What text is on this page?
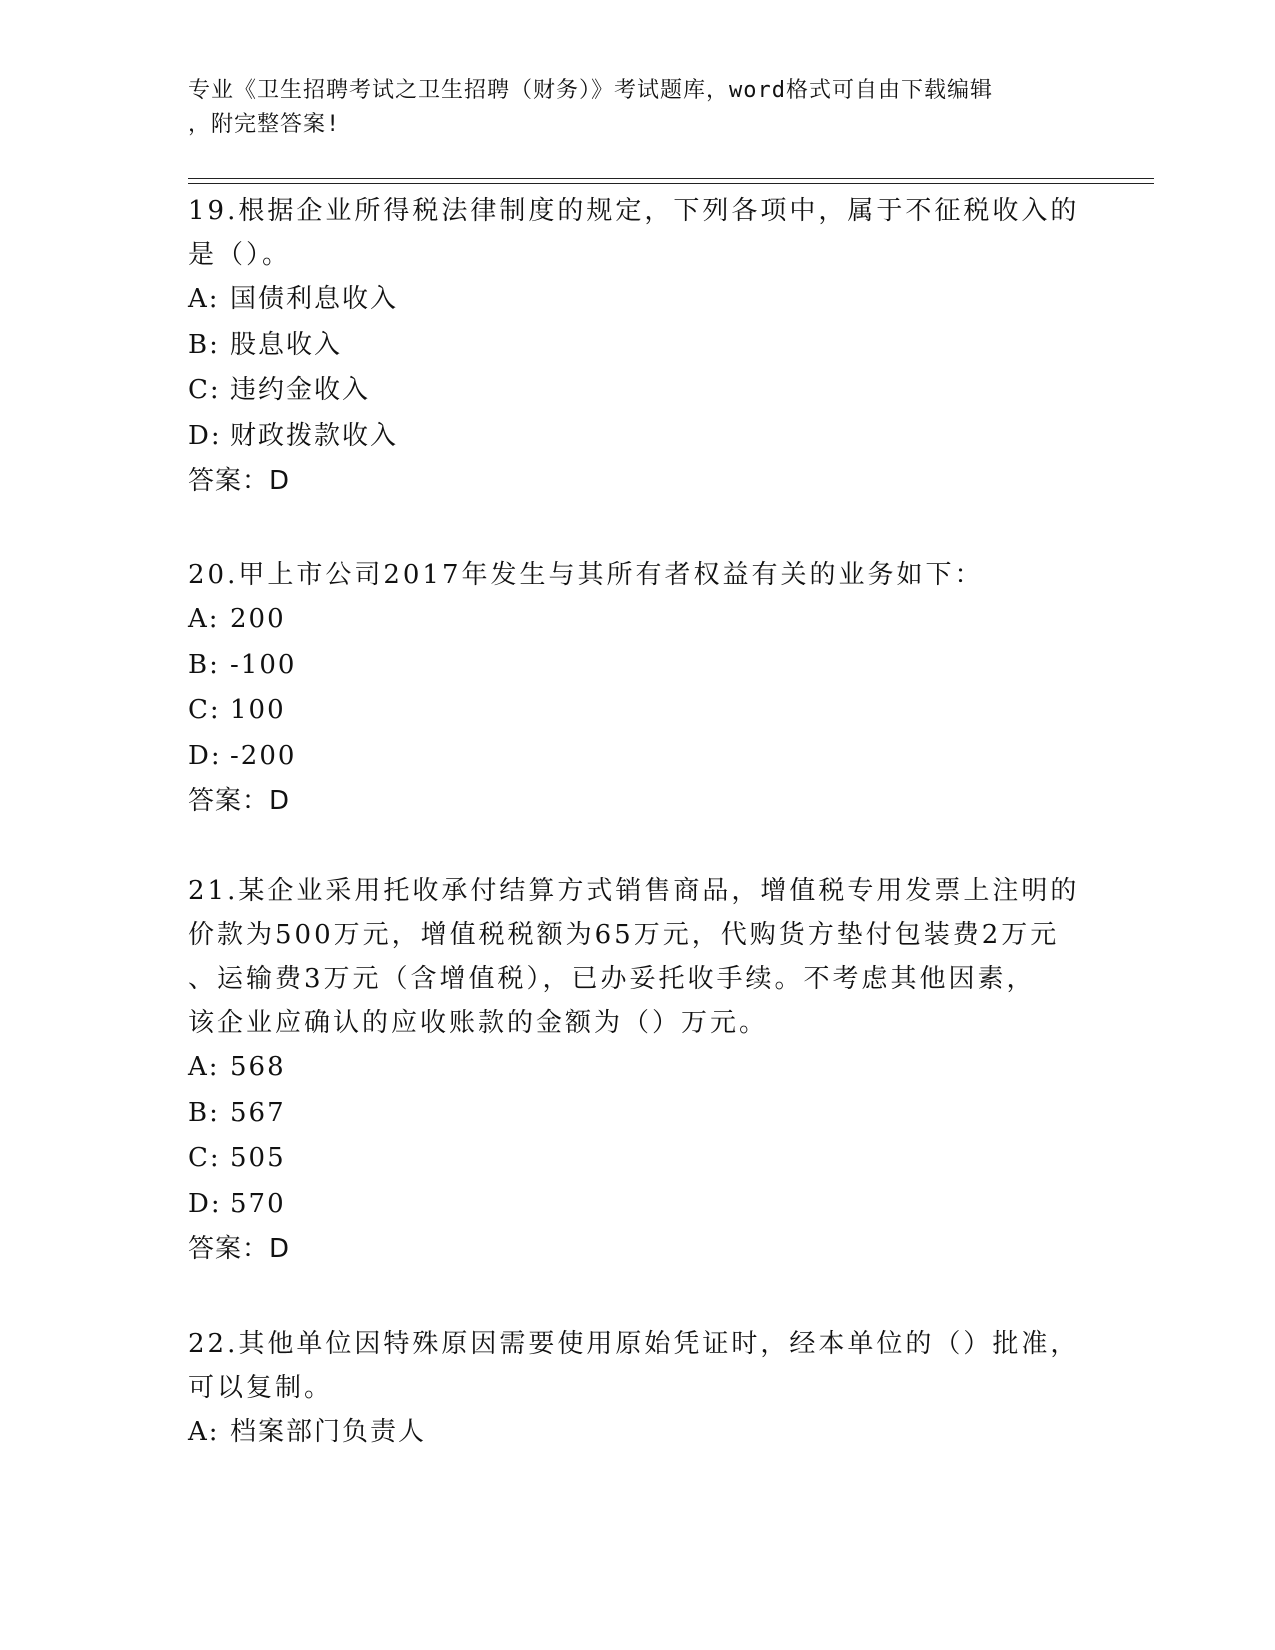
专业《卫生招聘考试之卫生招聘（财务）》考试题库，word格式可自由下载编辑
，附完整答案!

19.根据企业所得税法律制度的规定，下列各项中，属于不征税收入的

是（）。

A: 国债利息收入

B: 股息收入

C: 违约金收入

D: 财政拨款收入

答案：D

20.甲上市公司2017年发生与其所有者权益有关的业务如下：

A: 200

B: -100

C: 100

D: -200

答案：D

21.某企业采用托收承付结算方式销售商品，增值税专用发票上注明的

价款为500万元，增值税税额为65万元，代购货方垫付包装费2万元

、运输费3万元（含增值税），已办妥托收手续。不考虑其他因素，

该企业应确认的应收账款的金额为（）万元。

A: 568

B: 567

C: 505

D: 570

答案：D

22.其他单位因特殊原因需要使用原始凭证时，经本单位的（）批准，

可以复制。

A: 档案部门负责人
